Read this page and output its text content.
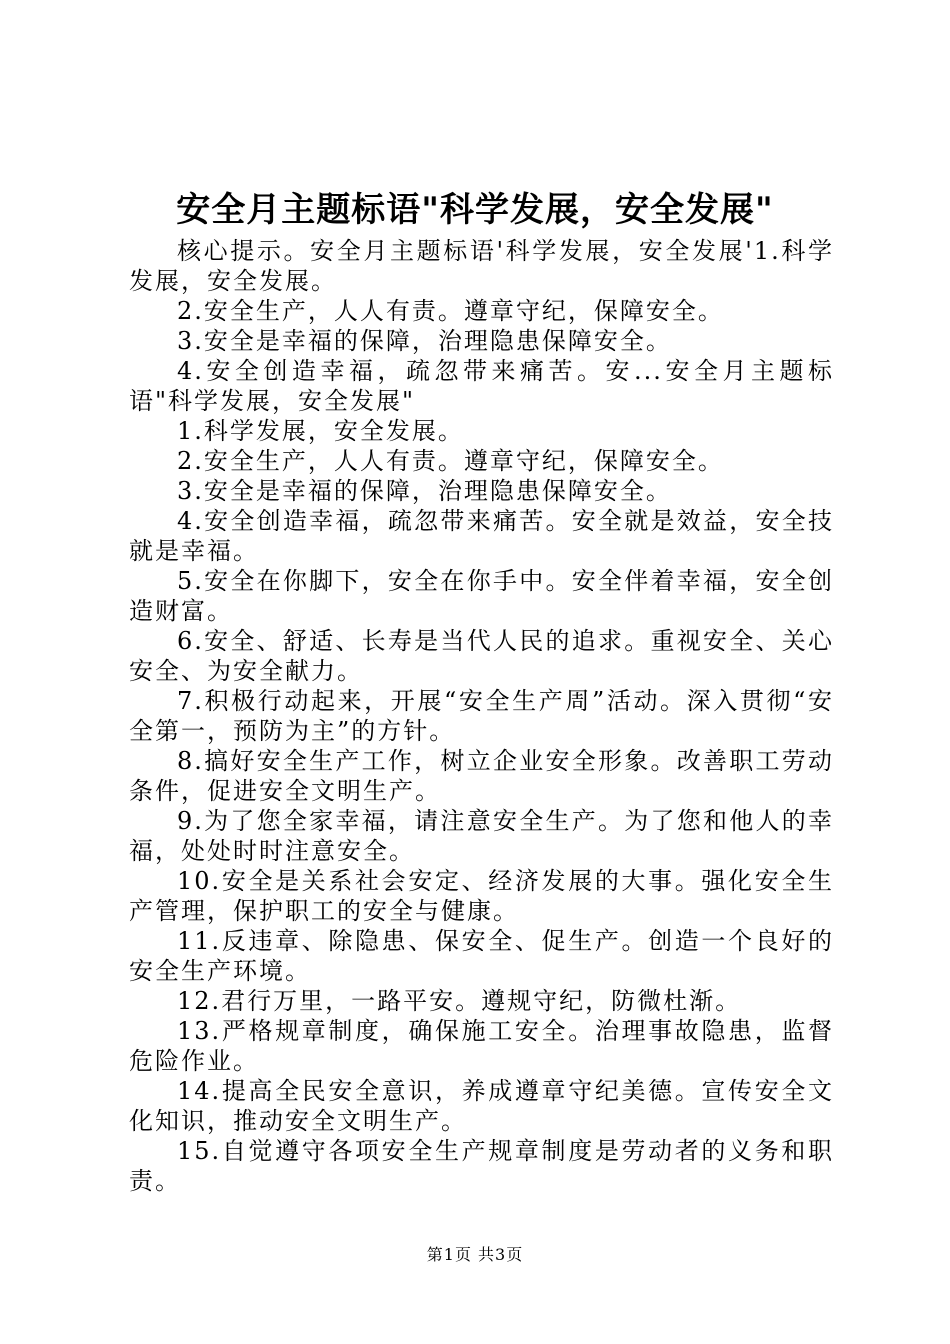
安全月主题标语"科学发展，安全发展"

核心提示。安全月主题标语'科学发展，安全发展'1.科学发展，安全发展。

2.安全生产，人人有责。遵章守纪，保障安全。

3.安全是幸福的保障，治理隐患保障安全。

4.安全创造幸福，疏忽带来痛苦。安...安全月主题标语"科学发展，安全发展"

1.科学发展，安全发展。

2.安全生产，人人有责。遵章守纪，保障安全。

3.安全是幸福的保障，治理隐患保障安全。

4.安全创造幸福，疏忽带来痛苦。安全就是效益，安全技就是幸福。

5.安全在你脚下，安全在你手中。安全伴着幸福，安全创造财富。

6.安全、舒适、长寿是当代人民的追求。重视安全、关心安全、为安全献力。

7.积极行动起来，开展“安全生产周”活动。深入贯彻“安全第一，预防为主”的方针。

8.搞好安全生产工作，树立企业安全形象。改善职工劳动条件，促进安全文明生产。

9.为了您全家幸福，请注意安全生产。为了您和他人的幸福，处处时时注意安全。

10.安全是关系社会安定、经济发展的大事。强化安全生产管理，保护职工的安全与健康。

11.反违章、除隐患、保安全、促生产。创造一个良好的安全生产环境。

12.君行万里，一路平安。遵规守纪，防微杜渐。

13.严格规章制度，确保施工安全。治理事故隐患，监督危险作业。

14.提高全民安全意识，养成遵章守纪美德。宣传安全文化知识，推动安全文明生产。

15.自觉遵守各项安全生产规章制度是劳动者的义务和职责。

第1页 共3页
